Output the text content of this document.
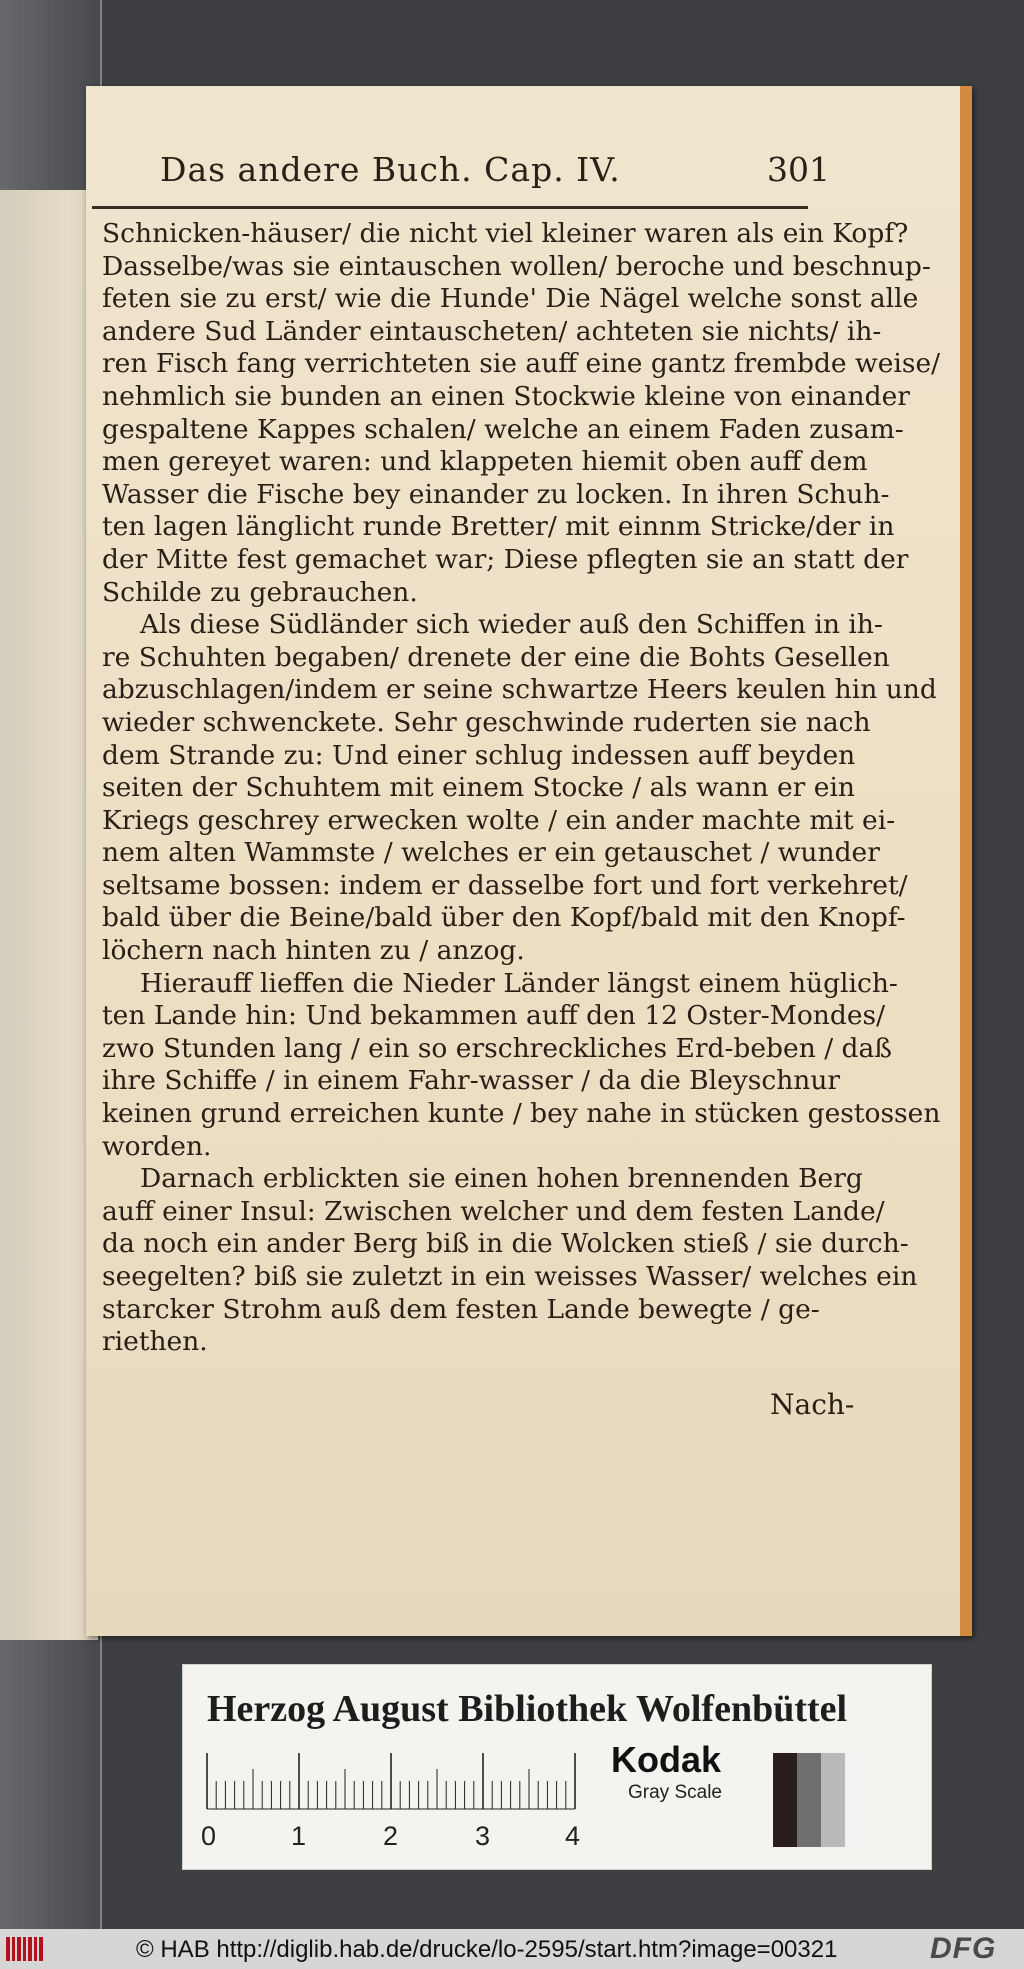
Das andere Buch. Cap. IV.	301
Schnicken-häuser/ die nicht viel kleiner waren als ein Kopf?
Dasselbe/was sie eintauschen wollen/ beroche und beschnup-
feten sie zu erst/ wie die Hunde' Die Nägel welche sonst alle
andere Sud Länder eintauscheten/ achteten sie nichts/ ih-
ren Fisch fang verrichteten sie auff eine gantz frembde weise/
nehmlich sie bunden an einen Stockwie kleine von einander
gespaltene Kappes schalen/ welche an einem Faden zusam-
men gereyet waren: und klappeten hiemit oben auff dem
Wasser die Fische bey einander zu locken. In ihren Schuh-
ten lagen länglicht runde Bretter/ mit einnm Stricke/der in
der Mitte fest gemachet war; Diese pflegten sie an statt der
Schilde zu gebrauchen.
Als diese Südländer sich wieder auß den Schiffen in ih-
re Schuhten begaben/ drenete der eine die Bohts Gesellen
abzuschlagen/indem er seine schwartze Heers keulen hin und
wieder schwenckete. Sehr geschwinde ruderten sie nach
dem Strande zu: Und einer schlug indessen auff beyden
seiten der Schuhtem mit einem Stocke / als wann er ein
Kriegs geschrey erwecken wolte / ein ander machte mit ei-
nem alten Wammste / welches er ein getauschet / wunder
seltsame bossen: indem er dasselbe fort und fort verkehret/
bald über die Beine/bald über den Kopf/bald mit den Knopf-
löchern nach hinten zu / anzog.
Hierauff lieffen die Nieder Länder längst einem hüglich-
ten Lande hin: Und bekammen auff den 12 Oster-Mondes/
zwo Stunden lang / ein so erschreckliches Erd-beben / daß
ihre Schiffe / in einem Fahr-wasser / da die Bleyschnur
keinen grund erreichen kunte / bey nahe in stücken gestossen
worden.
Darnach erblickten sie einen hohen brennenden Berg
auff einer Insul: Zwischen welcher und dem festen Lande/
da noch ein ander Berg biß in die Wolcken stieß / sie durch-
seegelten? biß sie zuletzt in ein weisses Wasser/ welches ein
starcker Strohm auß dem festen Lande bewegte / ge-
riethen.
Nach-
Herzog August Bibliothek Wolfenbüttel
0	1	2	3	4
Kodak
Gray Scale
© HAB http://diglib.hab.de/drucke/lo-2595/start.htm?image=00321	DFG
